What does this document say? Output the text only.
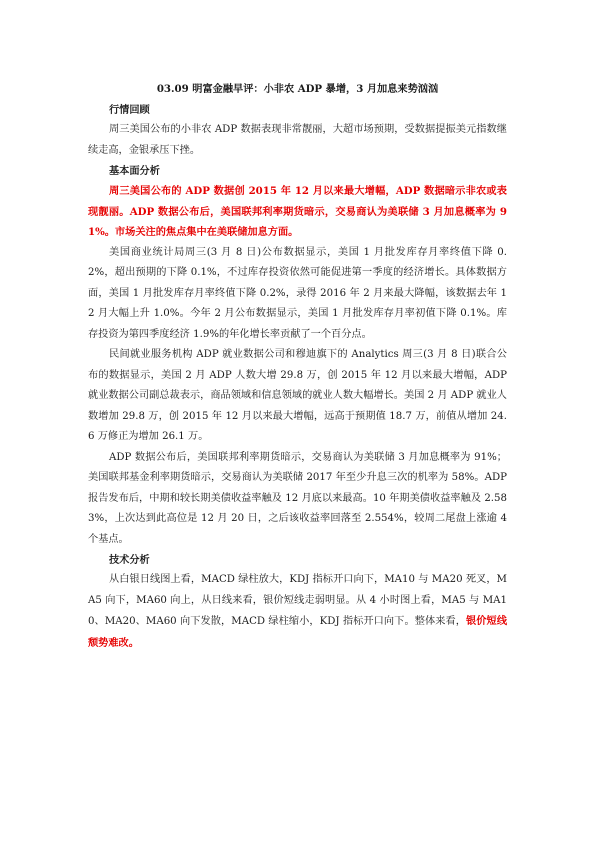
03.09 明富金融早评：小非农 ADP 暴增，3 月加息来势汹汹

行情回顾

周三美国公布的小非农 ADP 数据表现非常靓丽，大超市场预期，受数据提振美元指数继续走高，金银承压下挫。

基本面分析

周三美国公布的 ADP 数据创 2015 年 12 月以来最大增幅，ADP 数据暗示非农或表现靓丽。ADP 数据公布后，美国联邦利率期货暗示，交易商认为美联储 3 月加息概率为 91%。市场关注的焦点集中在美联储加息方面。

美国商业统计局周三(3 月 8 日)公布数据显示，美国 1 月批发库存月率终值下降 0.2%，超出预期的下降 0.1%，不过库存投资依然可能促进第一季度的经济增长。具体数据方面，美国 1 月批发库存月率终值下降 0.2%，录得 2016 年 2 月来最大降幅，该数据去年 12 月大幅上升 1.0%。今年 2 月公布数据显示，美国 1 月批发库存月率初值下降 0.1%。库存投资为第四季度经济 1.9%的年化增长率贡献了一个百分点。

民间就业服务机构 ADP 就业数据公司和穆迪旗下的 Analytics 周三(3 月 8 日)联合公布的数据显示，美国 2 月 ADP 人数大增 29.8 万，创 2015 年 12 月以来最大增幅，ADP 就业数据公司副总裁表示，商品领域和信息领域的就业人数大幅增长。美国 2 月 ADP 就业人数增加 29.8 万，创 2015 年 12 月以来最大增幅，远高于预期值 18.7 万，前值从增加 24.6 万修正为增加 26.1 万。

ADP 数据公布后，美国联邦利率期货暗示，交易商认为美联储 3 月加息概率为 91%；美国联邦基金利率期货暗示，交易商认为美联储 2017 年至少升息三次的机率为 58%。ADP 报告发布后，中期和较长期美债收益率触及 12 月底以来最高。10 年期美债收益率触及 2.583%，上次达到此高位是 12 月 20 日，之后该收益率回落至 2.554%，较周二尾盘上涨逾 4 个基点。

技术分析

从白银日线图上看，MACD 绿柱放大，KDJ 指标开口向下，MA10 与 MA20 死叉，MA5 向下，MA60 向上，从日线来看，银价短线走弱明显。从 4 小时图上看，MA5 与 MA10、MA20、MA60 向下发散，MACD 绿柱缩小，KDJ 指标开口向下。整体来看，银价短线颓势难改。
